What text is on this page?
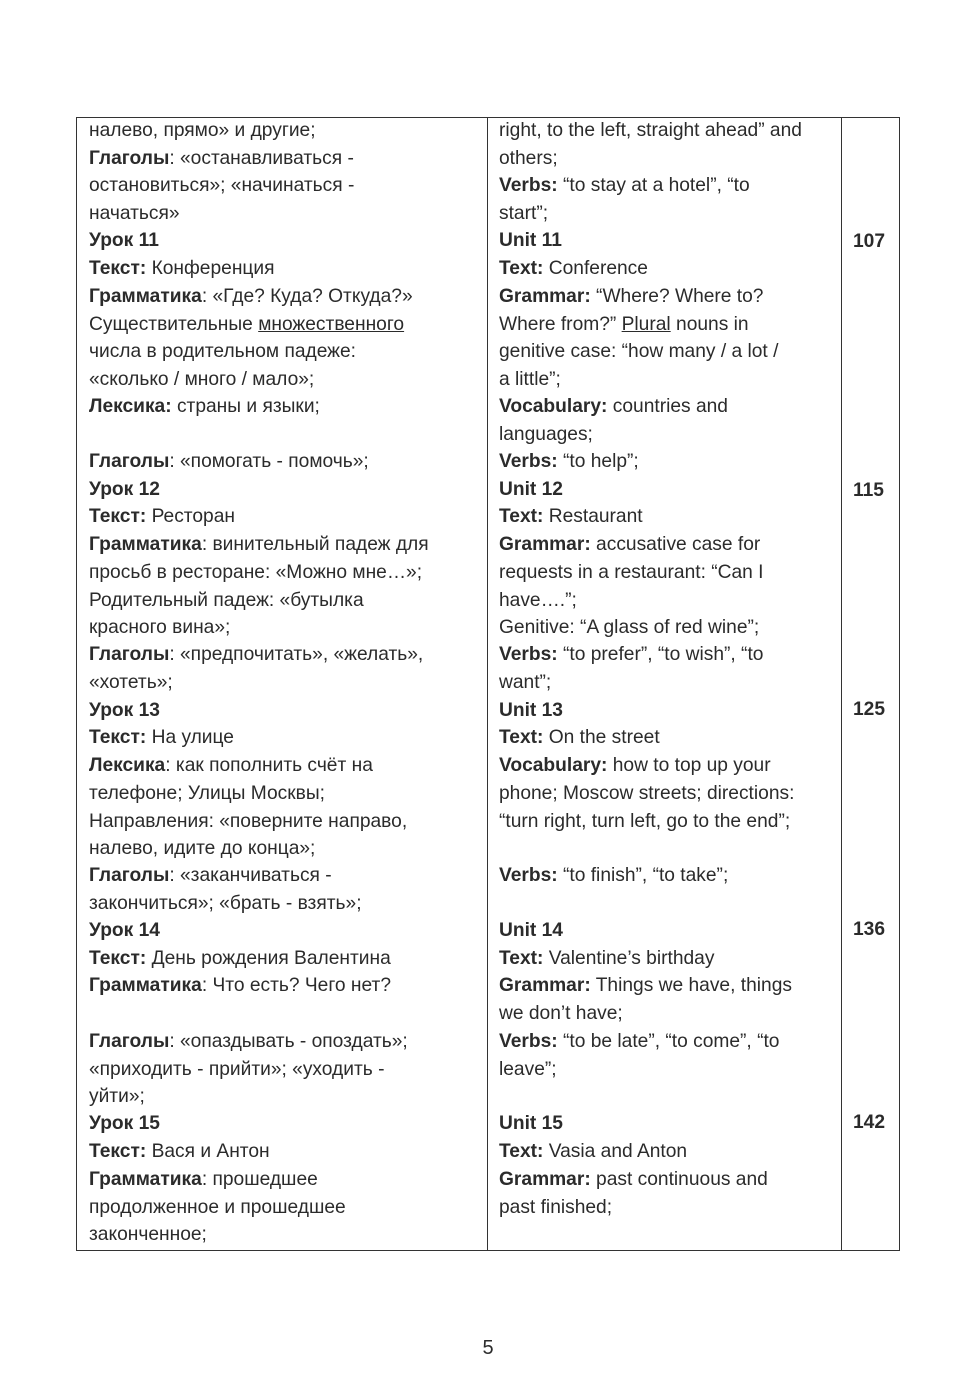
налево, прямо» и другие;
Глаголы: «останавливаться -
остановиться»; «начинаться -
начаться»
Урок 11
Текст: Конференция
Грамматика: «Где? Куда? Откуда?»
Существительные множественного
числа в родительном падеже:
«сколько / много / мало»;
Лексика: страны и языки;
Глаголы: «помогать - помочь»;
Урок 12
Текст: Ресторан
Грамматика: винительный падеж для
просьб в ресторане: «Можно мне…»;
Родительный падеж: «бутылка
красного вина»;
Глаголы: «предпочитать», «желать»,
«хотеть»;
Урок 13
Текст: На улице
Лексика: как пополнить счёт на
телефоне; Улицы Москвы;
Направления: «поверните направо,
налево, идите до конца»;
Глаголы: «заканчиваться -
закончиться»; «брать - взять»;
Урок 14
Текст: День рождения Валентина
Грамматика: Что есть? Чего нет?
Глаголы: «опаздывать - опоздать»;
«приходить - прийти»; «уходить -
уйти»;
Урок 15
Текст: Вася и Антон
Грамматика: прошедшее
продолженное и прошедшее
законченное;
right, to the left, straight ahead” and
others;
Verbs: “to stay at a hotel”, “to
start”;
Unit 11
Text: Conference
Grammar: “Where? Where to?
Where from?” Plural nouns in
genitive case: “how many / a lot /
a little”;
Vocabulary: countries and
languages;
Verbs: “to help”;
Unit 12
Text: Restaurant
Grammar: accusative case for
requests in a restaurant: “Can I
have….”;
Genitive: “A glass of red wine”;
Verbs: “to prefer”, “to wish”, “to
want”;
Unit 13
Text: On the street
Vocabulary: how to top up your
phone; Moscow streets; directions:
“turn right, turn left, go to the end”;
Verbs: “to finish”, “to take”;
Unit 14
Text: Valentine’s birthday
Grammar: Things we have, things
we don’t have;
Verbs: “to be late”, “to come”, “to
leave”;
Unit 15
Text: Vasia and Anton
Grammar: past continuous and
past finished;
107
115
125
136
142
5
